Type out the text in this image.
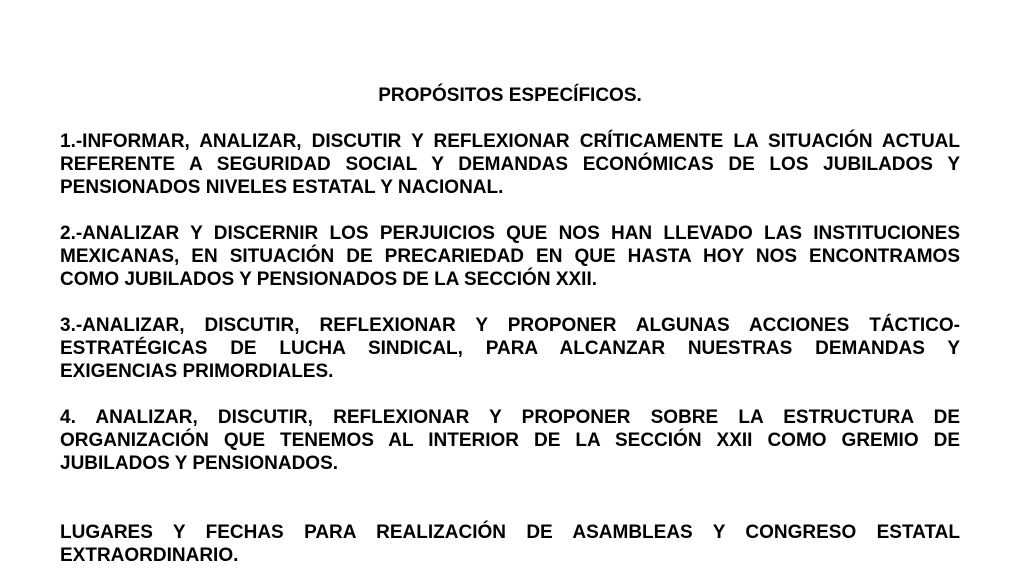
PROPÓSITOS ESPECÍFICOS.

1.-INFORMAR, ANALIZAR, DISCUTIR Y REFLEXIONAR CRÍTICAMENTE LA SITUACIÓN ACTUAL
REFERENTE A SEGURIDAD SOCIAL Y DEMANDAS ECONÓMICAS DE LOS JUBILADOS Y
PENSIONADOS NIVELES ESTATAL Y NACIONAL.

2.-ANALIZAR Y DISCERNIR LOS PERJUICIOS QUE NOS HAN LLEVADO LAS INSTITUCIONES
MEXICANAS, EN SITUACIÓN DE PRECARIEDAD EN QUE HASTA HOY NOS ENCONTRAMOS
COMO JUBILADOS Y PENSIONADOS DE LA SECCIÓN XXII.

3.-ANALIZAR, DISCUTIR, REFLEXIONAR Y PROPONER ALGUNAS ACCIONES TÁCTICO-
ESTRATÉGICAS DE LUCHA SINDICAL, PARA ALCANZAR NUESTRAS DEMANDAS Y
EXIGENCIAS PRIMORDIALES.

4. ANALIZAR, DISCUTIR, REFLEXIONAR Y PROPONER SOBRE LA ESTRUCTURA DE
ORGANIZACIÓN QUE TENEMOS AL INTERIOR DE LA SECCIÓN XXII COMO GREMIO DE
JUBILADOS Y PENSIONADOS.

LUGARES Y FECHAS PARA REALIZACIÓN DE ASAMBLEAS Y CONGRESO ESTATAL
EXTRAORDINARIO.
